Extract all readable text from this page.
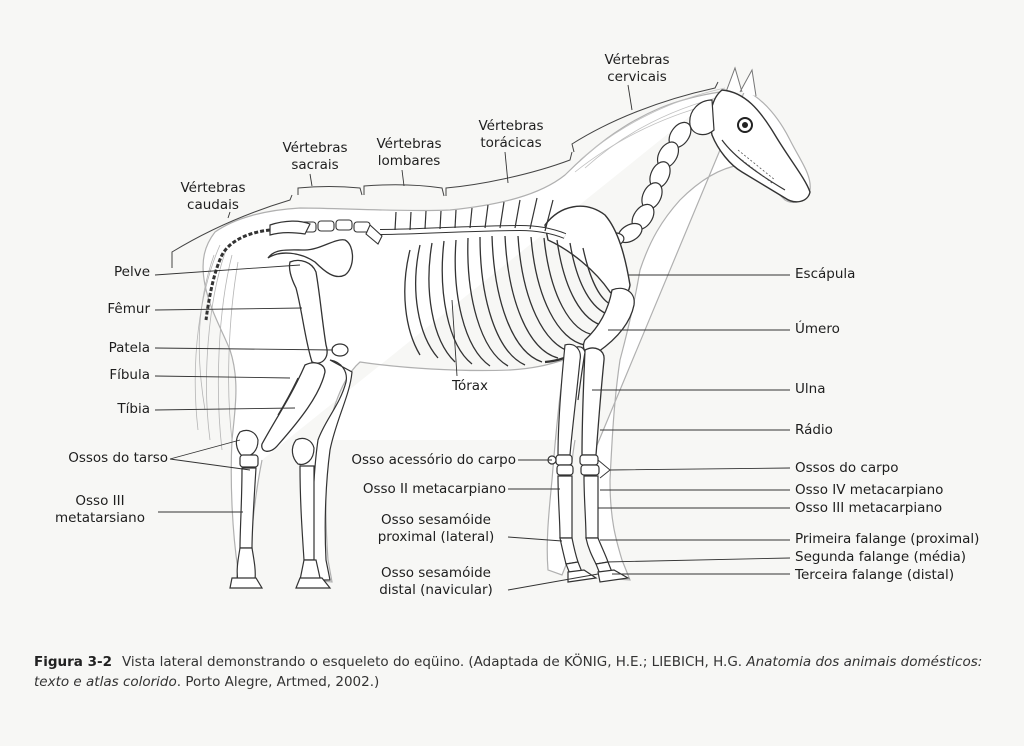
Vértebras
cervicais
Vértebras
torácicas
Vértebras
lombares
Vértebras
sacrais
Vértebras
caudais
Pelve
Fêmur
Patela
Fíbula
Tíbia
Ossos do tarso
Osso III
metatarsiano
Tórax
Osso acessório do carpo
Osso II metacarpiano
Osso sesamóide
proximal (lateral)
Osso sesamóide
distal (navicular)
Escápula
Úmero
Ulna
Rádio
Ossos do carpo
Osso IV metacarpiano
Osso III metacarpiano
Primeira falange (proximal)
Segunda falange (média)
Terceira falange (distal)
Figura 3-2 Vista lateral demonstrando o esqueleto do eqüino. (Adaptada de KÖNIG, H.E.; LIEBICH, H.G. Anatomia dos animais domésticos: texto e atlas colorido. Porto Alegre, Artmed, 2002.)
